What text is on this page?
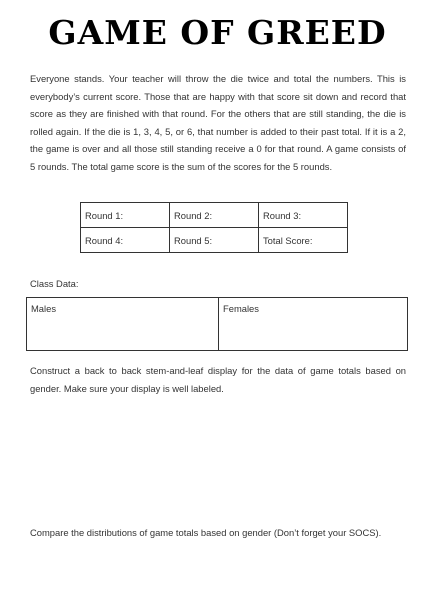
GAME OF GREED
Everyone stands. Your teacher will throw the die twice and total the numbers. This is everybody’s current score. Those that are happy with that score sit down and record that score as they are finished with that round. For the others that are still standing, the die is rolled again. If the die is 1, 3, 4, 5, or 6, that number is added to their past total. If it is a 2, the game is over and all those still standing receive a 0 for that round. A game consists of 5 rounds. The total game score is the sum of the scores for the 5 rounds.
Round 1:	Round 2:	Round 3:
Round 4:	Round 5:	Total Score:
Class Data:
Males	Females
Construct a back to back stem-and-leaf display for the data of game totals based on gender. Make sure your display is well labeled.
Compare the distributions of game totals based on gender (Don’t forget your SOCS).
